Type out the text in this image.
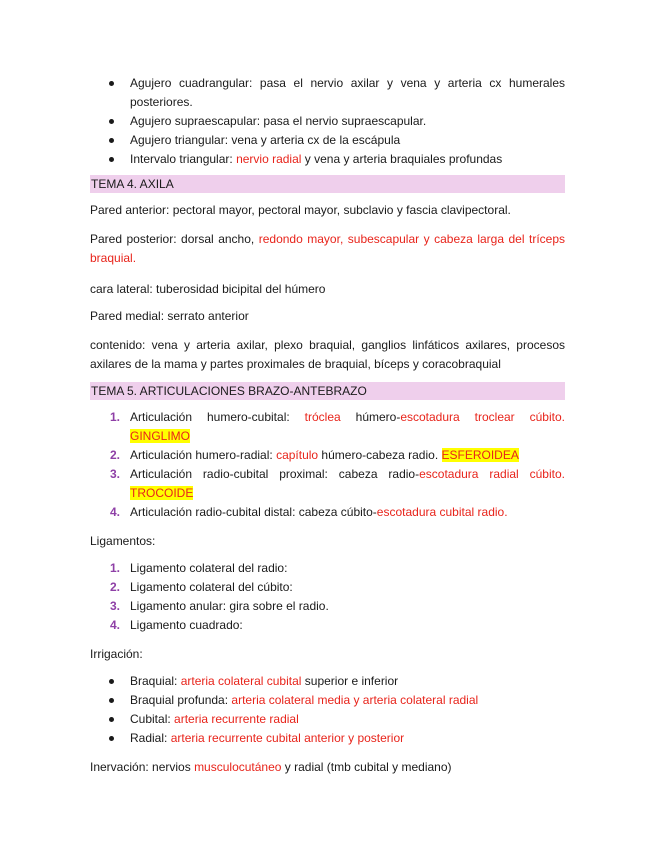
Agujero cuadrangular: pasa el nervio axilar y vena y arteria cx humerales posteriores.
Agujero supraescapular: pasa el nervio supraescapular.
Agujero triangular: vena y arteria cx de la escápula
Intervalo triangular: nervio radial y vena y arteria braquiales profundas
TEMA 4. AXILA

Pared anterior: pectoral mayor, pectoral mayor, subclavio y fascia clavipectoral.

Pared posterior: dorsal ancho, redondo mayor, subescapular y cabeza larga del tríceps braquial.

cara lateral: tuberosidad bicipital del húmero

Pared medial: serrato anterior

contenido: vena y arteria axilar, plexo braquial, ganglios linfáticos axilares, procesos axilares de la mama y partes proximales de braquial, bíceps y coracobraquial

TEMA 5. ARTICULACIONES BRAZO-ANTEBRAZO
1. Articulación humero-cubital: tróclea húmero-escotadura troclear cúbito. GINGLIMO
2. Articulación humero-radial: capítulo húmero-cabeza radio. ESFEROIDEA
3. Articulación radio-cubital proximal: cabeza radio-escotadura radial cúbito. TROCOIDE
4. Articulación radio-cubital distal: cabeza cúbito-escotadura cubital radio.

Ligamentos:

1. Ligamento colateral del radio:
2. Ligamento colateral del cúbito:
3. Ligamento anular: gira sobre el radio.
4. Ligamento cuadrado:

Irrigación:

Braquial: arteria colateral cubital superior e inferior
Braquial profunda: arteria colateral media y arteria colateral radial
Cubital: arteria recurrente radial
Radial: arteria recurrente cubital anterior y posterior

Inervación: nervios musculocutáneo y radial (tmb cubital y mediano)
